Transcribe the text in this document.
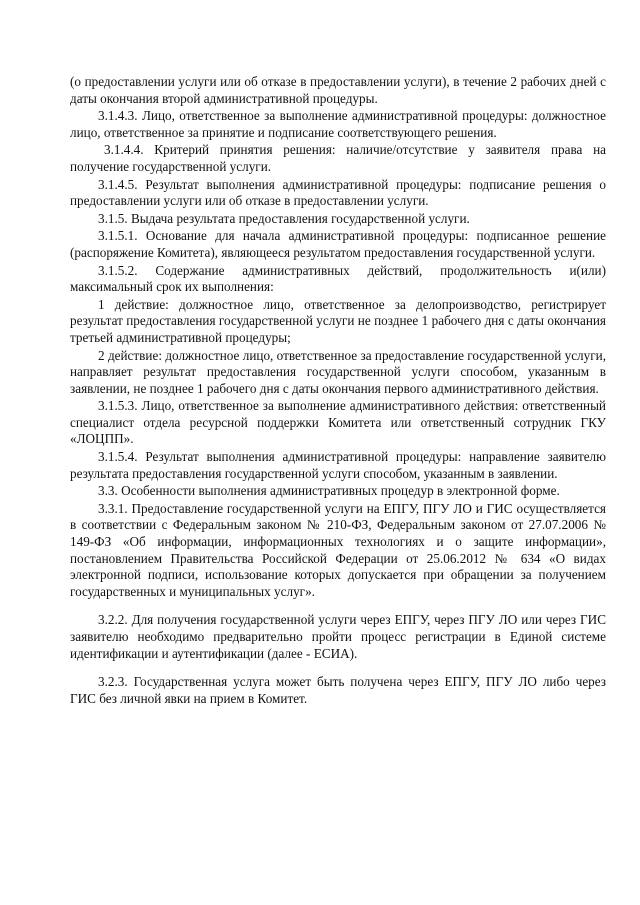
(о предоставлении услуги или об отказе в предоставлении услуги), в течение 2 рабочих дней с даты окончания второй административной процедуры.

3.1.4.3. Лицо, ответственное за выполнение административной процедуры: должностное лицо, ответственное за принятие и подписание соответствующего решения.

3.1.4.4. Критерий принятия решения: наличие/отсутствие у заявителя права на получение государственной услуги.

3.1.4.5. Результат выполнения административной процедуры: подписание решения о предоставлении услуги или об отказе в предоставлении услуги.

3.1.5. Выдача результата предоставления государственной услуги.

3.1.5.1. Основание для начала административной процедуры: подписанное решение (распоряжение Комитета), являющееся результатом предоставления государственной услуги.

3.1.5.2. Содержание административных действий, продолжительность и(или) максимальный срок их выполнения:

1 действие: должностное лицо, ответственное за делопроизводство, регистрирует результат предоставления государственной услуги не позднее 1 рабочего дня с даты окончания третьей административной процедуры;

2 действие: должностное лицо, ответственное за предоставление государственной услуги, направляет результат предоставления государственной услуги способом, указанным в заявлении, не позднее 1 рабочего дня с даты окончания первого административного действия.

3.1.5.3. Лицо, ответственное за выполнение административного действия: ответственный специалист отдела ресурсной поддержки Комитета или ответственный сотрудник ГКУ «ЛОЦПП».

3.1.5.4. Результат выполнения административной процедуры: направление заявителю результата предоставления государственной услуги способом, указанным в заявлении.

3.3. Особенности выполнения административных процедур в электронной форме.

3.3.1. Предоставление государственной услуги на ЕПГУ, ПГУ ЛО и ГИС осуществляется в соответствии с Федеральным законом № 210-ФЗ, Федеральным законом от 27.07.2006 № 149-ФЗ «Об информации, информационных технологиях и о защите информации», постановлением Правительства Российской Федерации от 25.06.2012 № 634 «О видах электронной подписи, использование которых допускается при обращении за получением государственных и муниципальных услуг».

3.2.2. Для получения государственной услуги через ЕПГУ, через ПГУ ЛО или через ГИС заявителю необходимо предварительно пройти процесс регистрации в Единой системе идентификации и аутентификации (далее - ЕСИА).

3.2.3. Государственная услуга может быть получена через ЕПГУ, ПГУ ЛО либо через ГИС без личной явки на прием в Комитет.
